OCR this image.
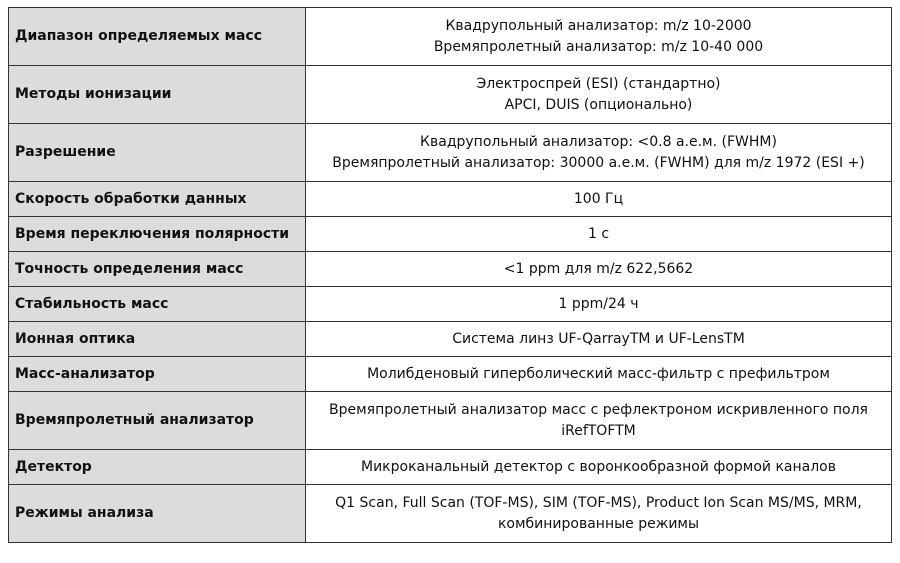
Диапазон определяемых масс	Квадрупольный анализатор: m/z 10-2000
Времяпролетный анализатор: m/z 10-40 000

Методы ионизации	Электроспрей (ESI) (стандартно)
APCI, DUIS (опционально)

Разрешение	Квадрупольный анализатор: <0.8 а.е.м. (FWHM)
Времяпролетный анализатор: 30000 а.е.м. (FWHM) для m/z 1972 (ESI +)

Скорость обработки данных	100 Гц

Время переключения полярности	1 с

Точность определения масс	<1 ppm для m/z 622,5662

Стабильность масс	1 ppm/24 ч

Ионная оптика	Система линз UF-QarrayTM и UF-LensTM

Масс-анализатор	Молибденовый гиперболический масс-фильтр с префильтром

Времяпролетный анализатор	Времяпролетный анализатор масс с рефлектроном искривленного поля
iRefTOFTM

Детектор	Микроканальный детектор с воронкообразной формой каналов

Режимы анализа	Q1 Scan, Full Scan (TOF-MS), SIM (TOF-MS), Product Ion Scan MS/MS, MRM,
комбинированные режимы
